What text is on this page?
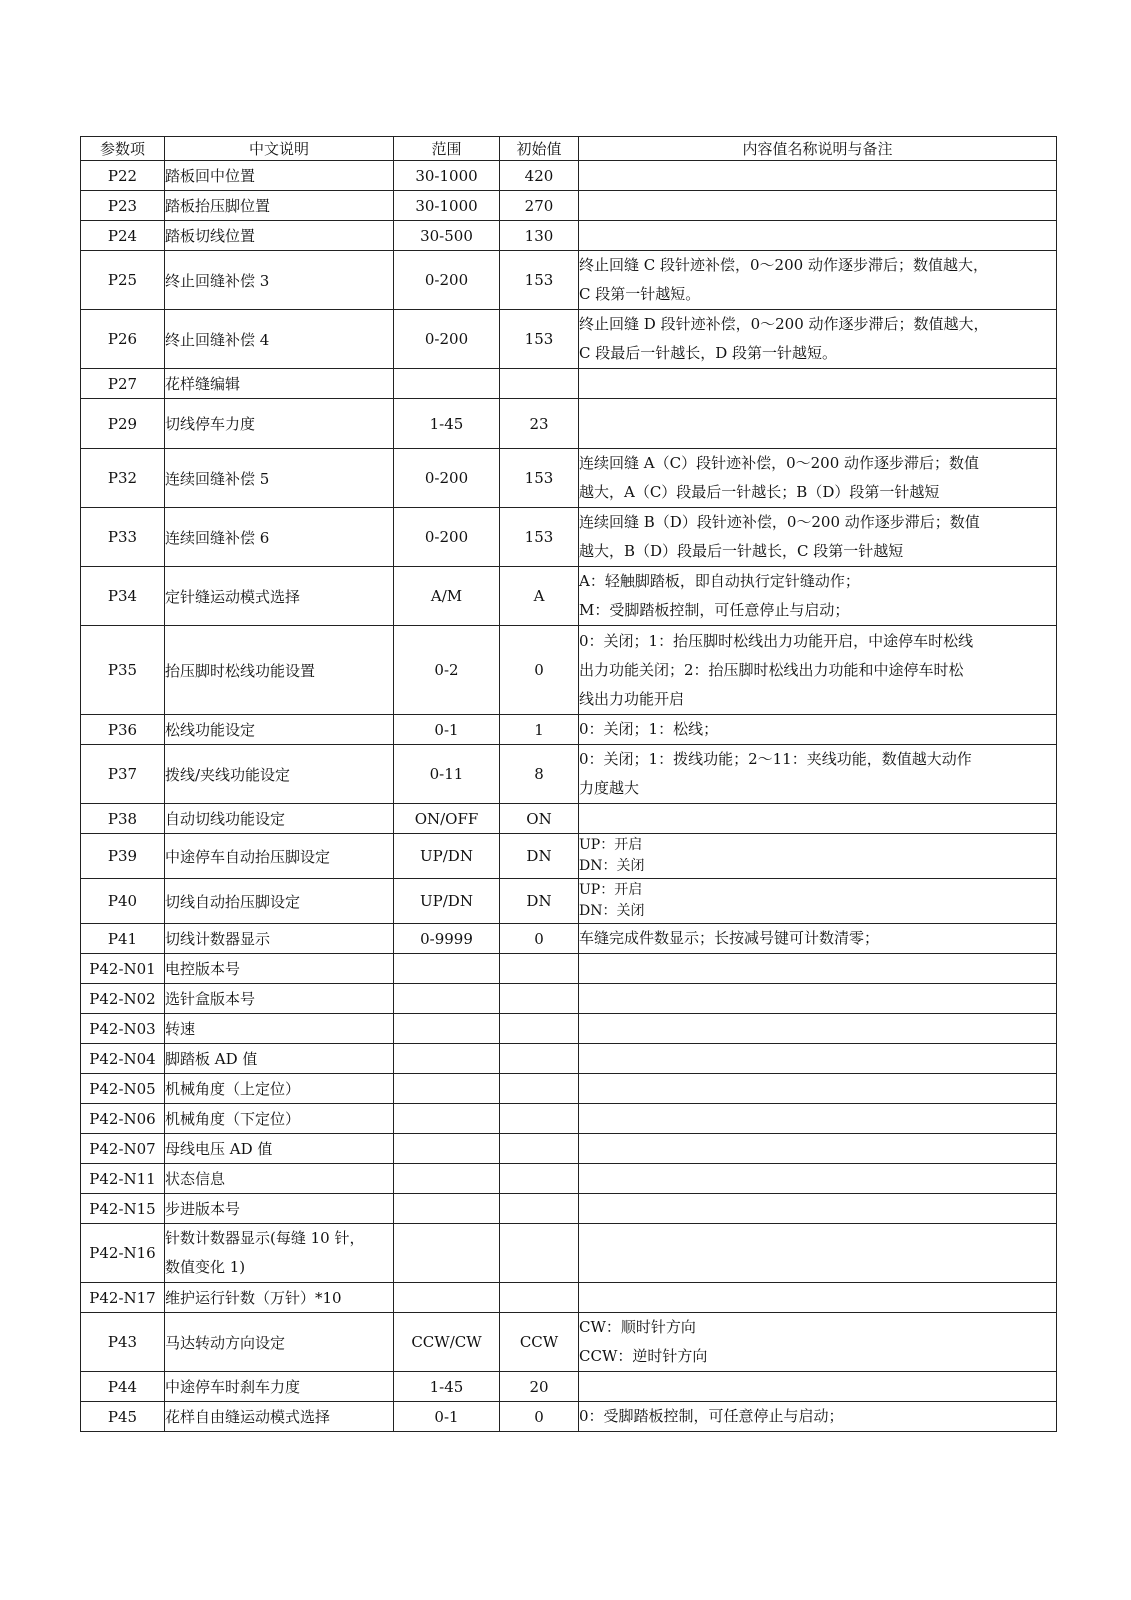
参数项	中文说明	范围	初始值	内容值名称说明与备注
P22	踏板回中位置	30-1000	420	
P23	踏板抬压脚位置	30-1000	270	
P24	踏板切线位置	30-500	130	
P25	终止回缝补偿 3	0-200	153	终止回缝 C 段针迹补偿，0～200 动作逐步滞后；数值越大，
C 段第一针越短。

P26	终止回缝补偿 4	0-200	153	终止回缝 D 段针迹补偿，0～200 动作逐步滞后；数值越大，
C 段最后一针越长，D 段第一针越短。

P27	花样缝编辑			

P29	切线停车力度	1-45	23	
P32	连续回缝补偿 5	0-200	153	连续回缝 A（C）段针迹补偿，0～200 动作逐步滞后；数值
越大，A（C）段最后一针越长；B（D）段第一针越短

P33	连续回缝补偿 6	0-200	153	连续回缝 B（D）段针迹补偿，0～200 动作逐步滞后；数值
越大，B（D）段最后一针越长，C 段第一针越短

P34	定针缝运动模式选择	A/M	A	A：轻触脚踏板，即自动执行定针缝动作；
M：受脚踏板控制，可任意停止与启动；

P35	抬压脚时松线功能设置	0-2	0	0：关闭；1：抬压脚时松线出力功能开启，中途停车时松线
出力功能关闭；2：抬压脚时松线出力功能和中途停车时松
线出力功能开启

P36	松线功能设定	0-1	1	0：关闭；1：松线；

P37	拨线/夹线功能设定	0-11	8	0：关闭；1：拨线功能；2～11：夹线功能，数值越大动作
力度越大

P38	自动切线功能设定	ON/OFF	ON	
P39	中途停车自动抬压脚设定	UP/DN	DN	UP：开启
DN：关闭

P40	切线自动抬压脚设定	UP/DN	DN	UP：开启
DN：关闭

P41	切线计数器显示	0-9999	0	车缝完成件数显示；长按减号键可计数清零；

P42-N01	电控版本号			

P42-N02	选针盒版本号			

P42-N03	转速			

P42-N04	脚踏板 AD 值			

P42-N05	机械角度（上定位）			

P42-N06	机械角度（下定位）			

P42-N07	母线电压 AD 值			

P42-N11	状态信息			

P42-N15	步进版本号			

P42-N16	针数计数器显示(每缝 10 针，
数值变化 1)			

P42-N17	维护运行针数（万针）*10			

P43	马达转动方向设定	CCW/CW	CCW	CW：顺时针方向
CCW：逆时针方向

P44	中途停车时刹车力度	1-45	20	
P45	花样自由缝运动模式选择	0-1	0	0：受脚踏板控制，可任意停止与启动；
